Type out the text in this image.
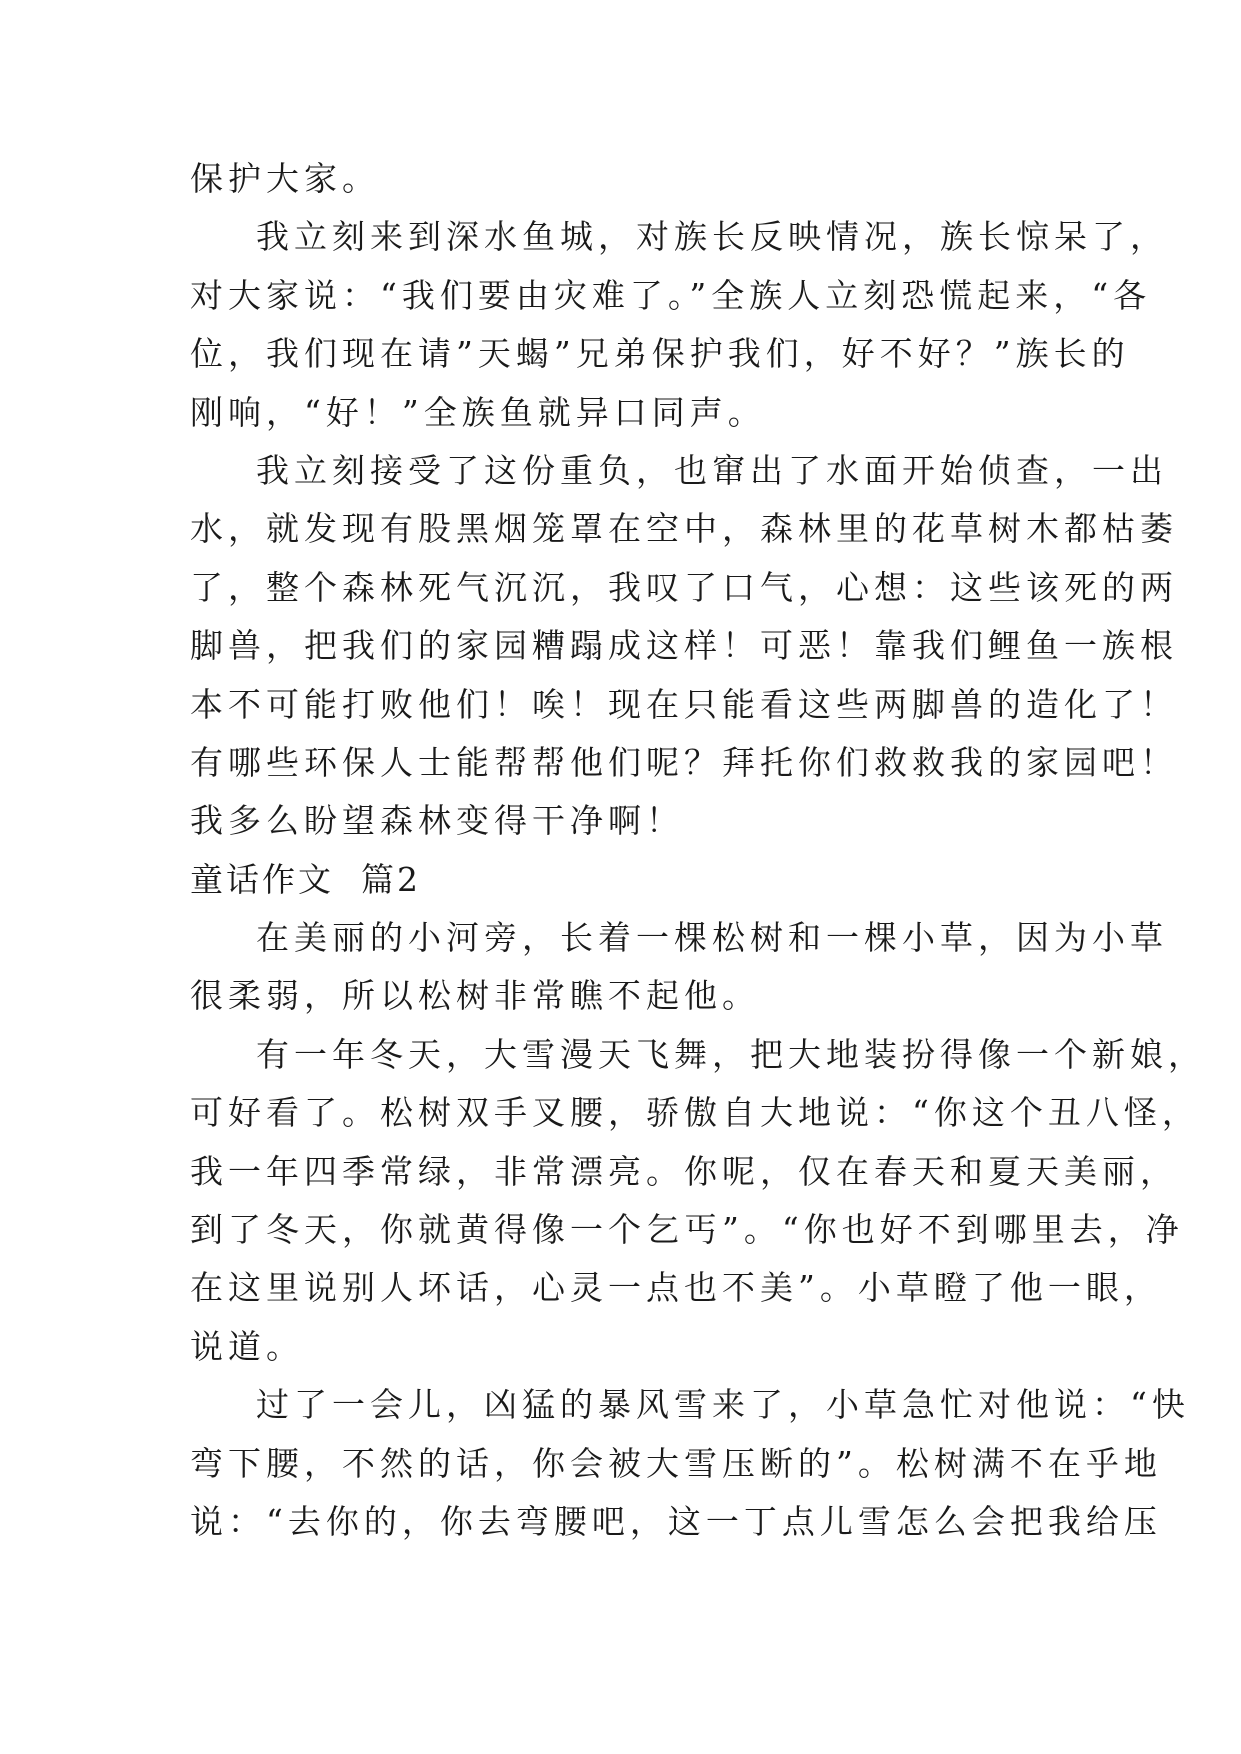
保护大家。
我立刻来到深水鱼城，对族长反映情况，族长惊呆了，
对大家说：“我们要由灾难了。”全族人立刻恐慌起来，“各
位，我们现在请”天蝎”兄弟保护我们，好不好？”族长的
刚响，“好！”全族鱼就异口同声。
我立刻接受了这份重负，也窜出了水面开始侦查，一出
水，就发现有股黑烟笼罩在空中，森林里的花草树木都枯萎
了，整个森林死气沉沉，我叹了口气，心想：这些该死的两
脚兽，把我们的家园糟蹋成这样！可恶！靠我们鲤鱼一族根
本不可能打败他们！唉！现在只能看这些两脚兽的造化了！
有哪些环保人士能帮帮他们呢？拜托你们救救我的家园吧！
我多么盼望森林变得干净啊！
童话作文  篇2
在美丽的小河旁，长着一棵松树和一棵小草，因为小草
很柔弱，所以松树非常瞧不起他。
有一年冬天，大雪漫天飞舞，把大地装扮得像一个新娘，
可好看了。松树双手叉腰，骄傲自大地说：“你这个丑八怪，
我一年四季常绿，非常漂亮。你呢，仅在春天和夏天美丽，
到了冬天，你就黄得像一个乞丐”。“你也好不到哪里去，净
在这里说别人坏话，心灵一点也不美”。小草瞪了他一眼，
说道。
过了一会儿，凶猛的暴风雪来了，小草急忙对他说：“快
弯下腰，不然的话，你会被大雪压断的”。松树满不在乎地
说：“去你的，你去弯腰吧，这一丁点儿雪怎么会把我给压
